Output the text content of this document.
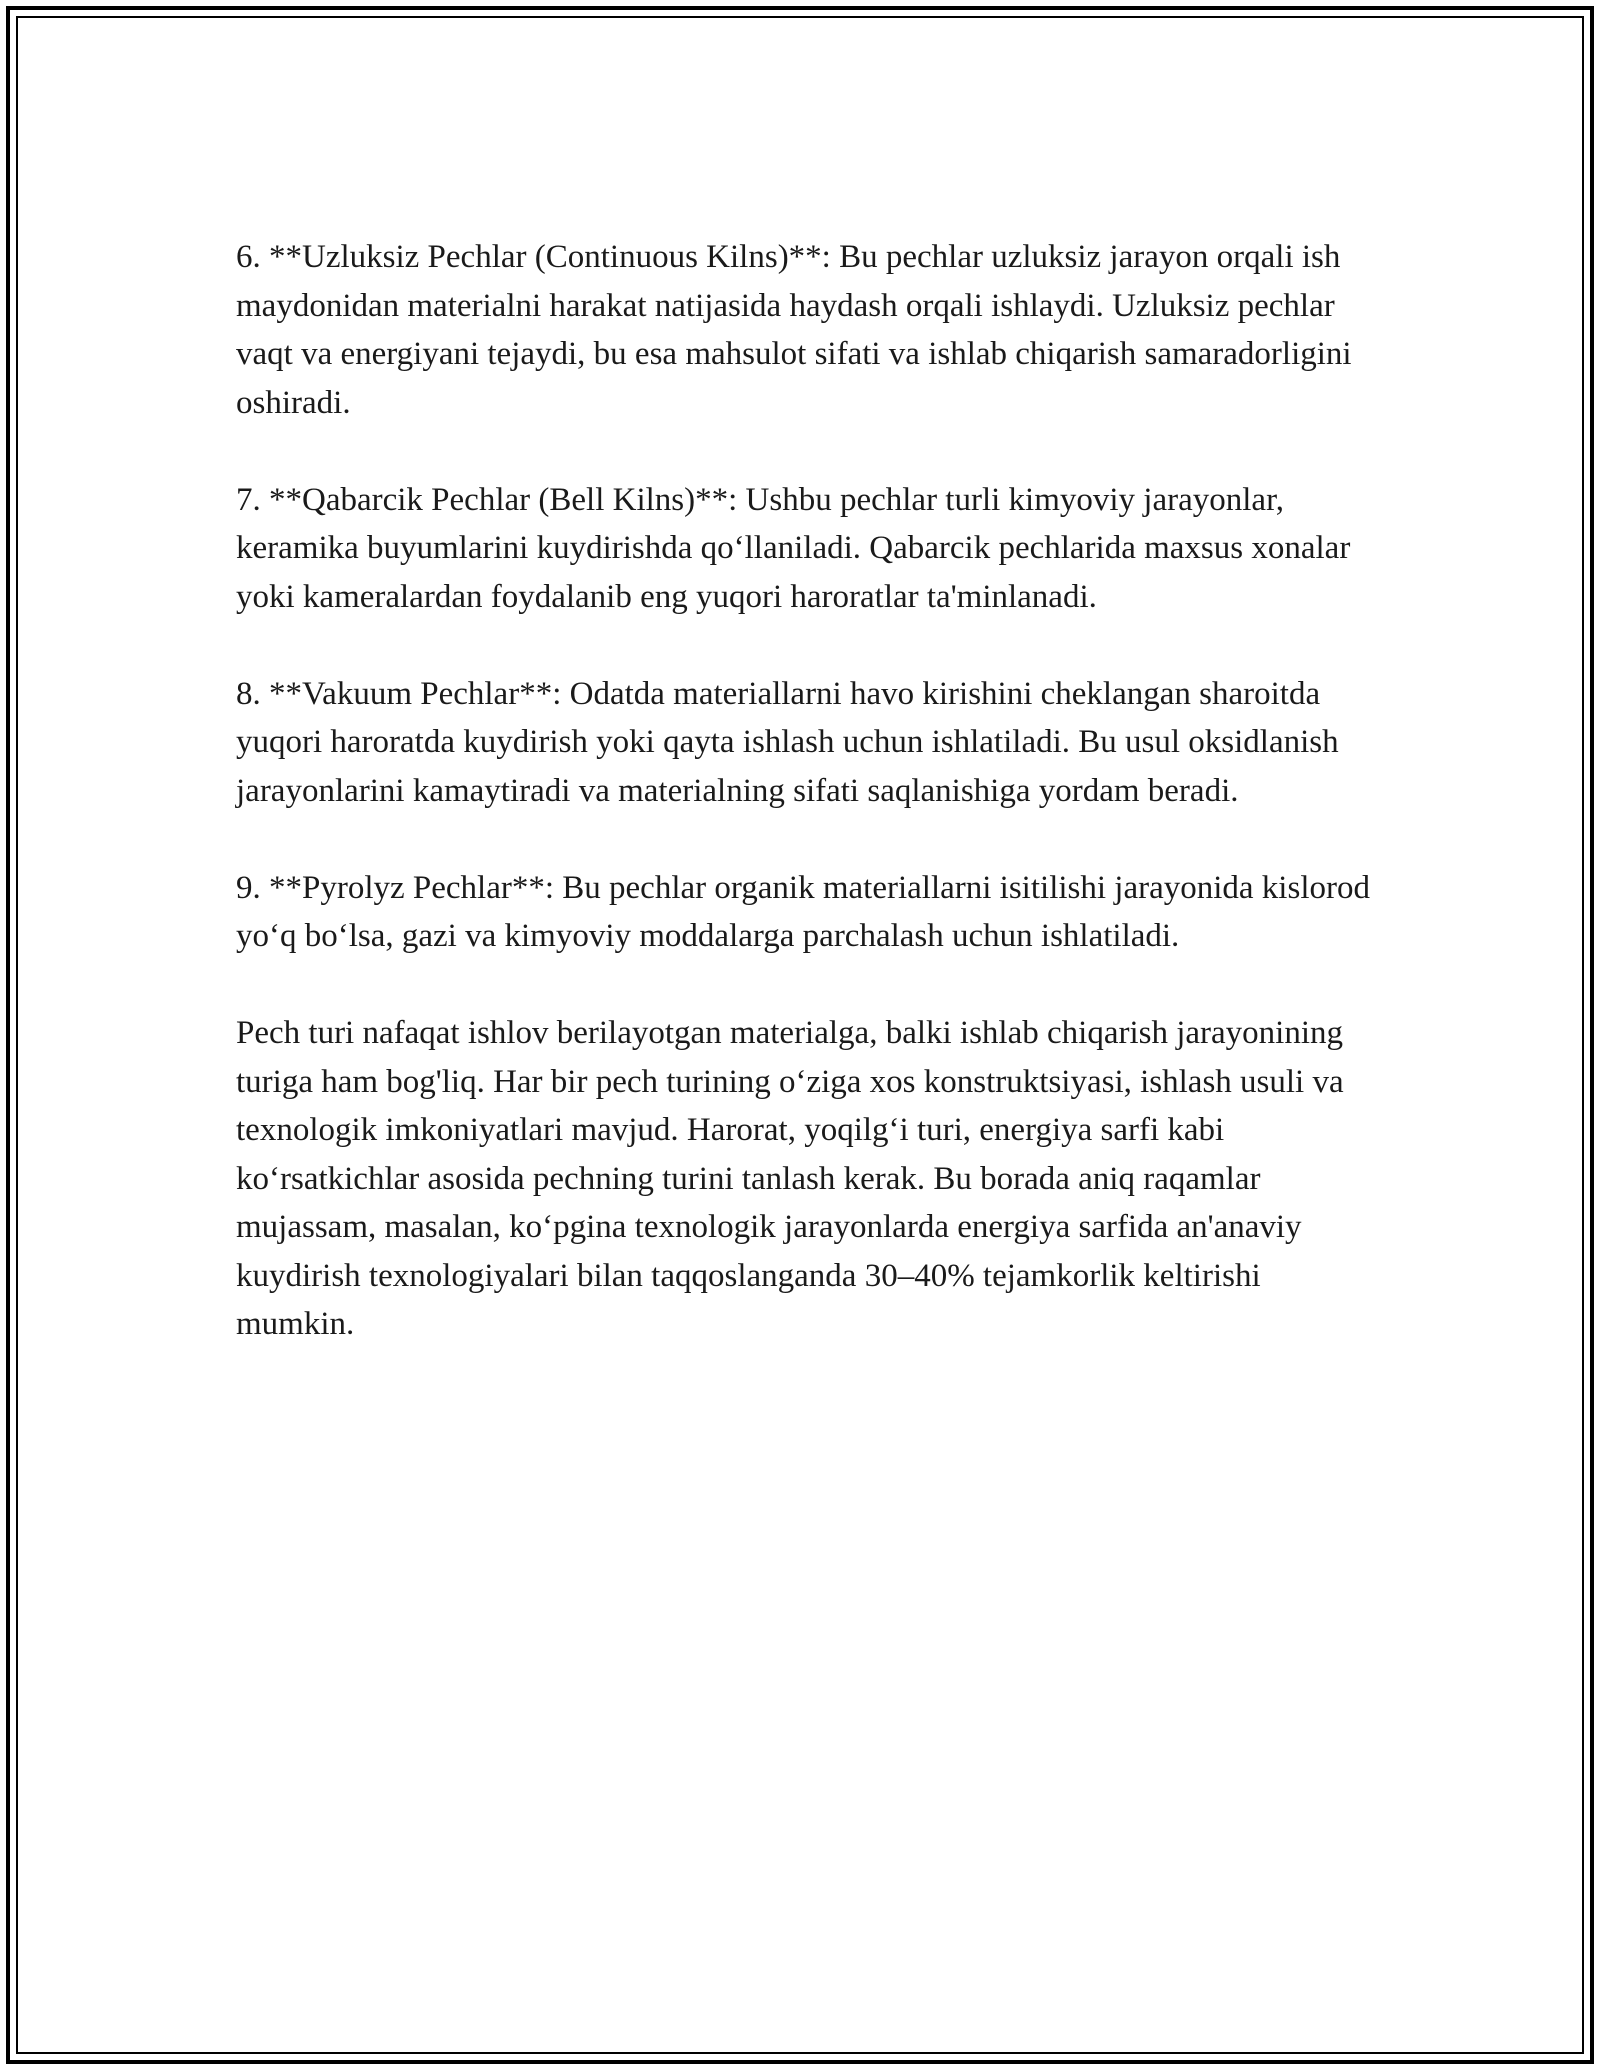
6. **Uzluksiz Pechlar (Continuous Kilns)**: Bu pechlar uzluksiz jarayon orqali ish maydonidan materialni harakat natijasida haydash orqali ishlaydi. Uzluksiz pechlar vaqt va energiyani tejaydi, bu esa mahsulot sifati va ishlab chiqarish samaradorligini oshiradi.

7. **Qabarcik Pechlar (Bell Kilns)**: Ushbu pechlar turli kimyoviy jarayonlar, keramika buyumlarini kuydirishda qoʻllaniladi. Qabarcik pechlarida maxsus xonalar yoki kameralardan foydalanib eng yuqori haroratlar ta'minlanadi.

8. **Vakuum Pechlar**: Odatda materiallarni havo kirishini cheklangan sharoitda yuqori haroratda kuydirish yoki qayta ishlash uchun ishlatiladi. Bu usul oksidlanish jarayonlarini kamaytiradi va materialning sifati saqlanishiga yordam beradi.

9. **Pyrolyz Pechlar**: Bu pechlar organik materiallarni isitilishi jarayonida kislorod yoʻq boʻlsa, gazi va kimyoviy moddalarga parchalash uchun ishlatiladi.

Pech turi nafaqat ishlov berilayotgan materialga, balki ishlab chiqarish jarayonining turiga ham bog'liq. Har bir pech turining oʻziga xos konstruktsiyasi, ishlash usuli va texnologik imkoniyatlari mavjud. Harorat, yoqilgʻi turi, energiya sarfi kabi koʻrsatkichlar asosida pechning turini tanlash kerak. Bu borada aniq raqamlar mujassam, masalan, koʻpgina texnologik jarayonlarda energiya sarfida an'anaviy kuydirish texnologiyalari bilan taqqoslanganda 30–40% tejamkorlik keltirishi mumkin.
